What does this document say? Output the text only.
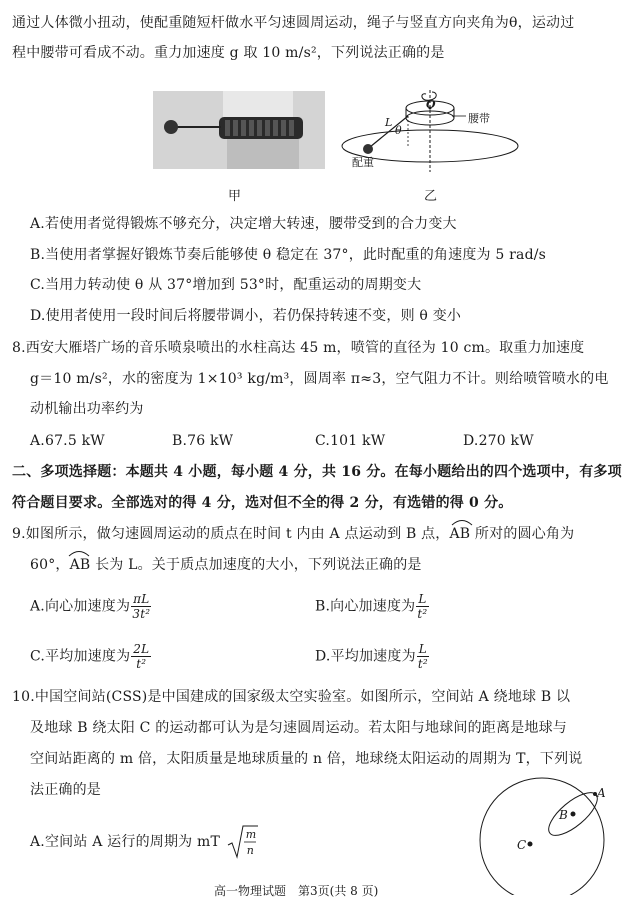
通过人体微小扭动，使配重随短杆做水平匀速圆周运动，绳子与竖直方向夹角为θ，运动过
程中腰带可看成不动。重力加速度 g 取 10 m/s²，下列说法正确的是
甲
L
θ
O
腰带
配重
乙
A.若使用者觉得锻炼不够充分，决定增大转速，腰带受到的合力变大
B.当使用者掌握好锻炼节奏后能够使 θ 稳定在 37°，此时配重的角速度为 5 rad/s
C.当用力转动使 θ 从 37°增加到 53°时，配重运动的周期变大
D.使用者使用一段时间后将腰带调小，若仍保持转速不变，则 θ 变小
8.西安大雁塔广场的音乐喷泉喷出的水柱高达 45 m，喷管的直径为 10 cm。取重力加速度
g＝10 m/s²，水的密度为 1×10³ kg/m³，圆周率 π≈3，空气阻力不计。则给喷管喷水的电
动机输出功率约为
A.67.5 kW	B.76 kW	C.101 kW	D.270 kW
二、多项选择题：本题共 4 小题，每小题 4 分，共 16 分。在每小题给出的四个选项中，有多项
符合题目要求。全部选对的得 4 分，选对但不全的得 2 分，有选错的得 0 分。
9.如图所示，做匀速圆周运动的质点在时间 t 内由 A 点运动到 B 点，AB 所对的圆心角为
60°，AB 长为 L。关于质点加速度的大小，下列说法正确的是
A.向心加速度为 $\frac{\pi L}{\text{3t²}}$	B.向心加速度为 $\frac{L}{\text{t²}}$
C.平均加速度为 $\frac{2L}{\text{t²}}$	D.平均加速度为 $\frac{L}{\text{t²}}$
10.中国空间站(CSS)是中国建成的国家级太空实验室。如图所示，空间站 A 绕地球 B 以
及地球 B 绕太阳 C 的运动都可认为是匀速圆周运动。若太阳与地球间的距离是地球与
空间站距离的 m 倍，太阳质量是地球质量的 n 倍，地球绕太阳运动的周期为 T，下列说
法正确的是
A.空间站 A 运行的周期为 mT m
n
A
B
C
高一物理试题　第3页(共 8 页)
